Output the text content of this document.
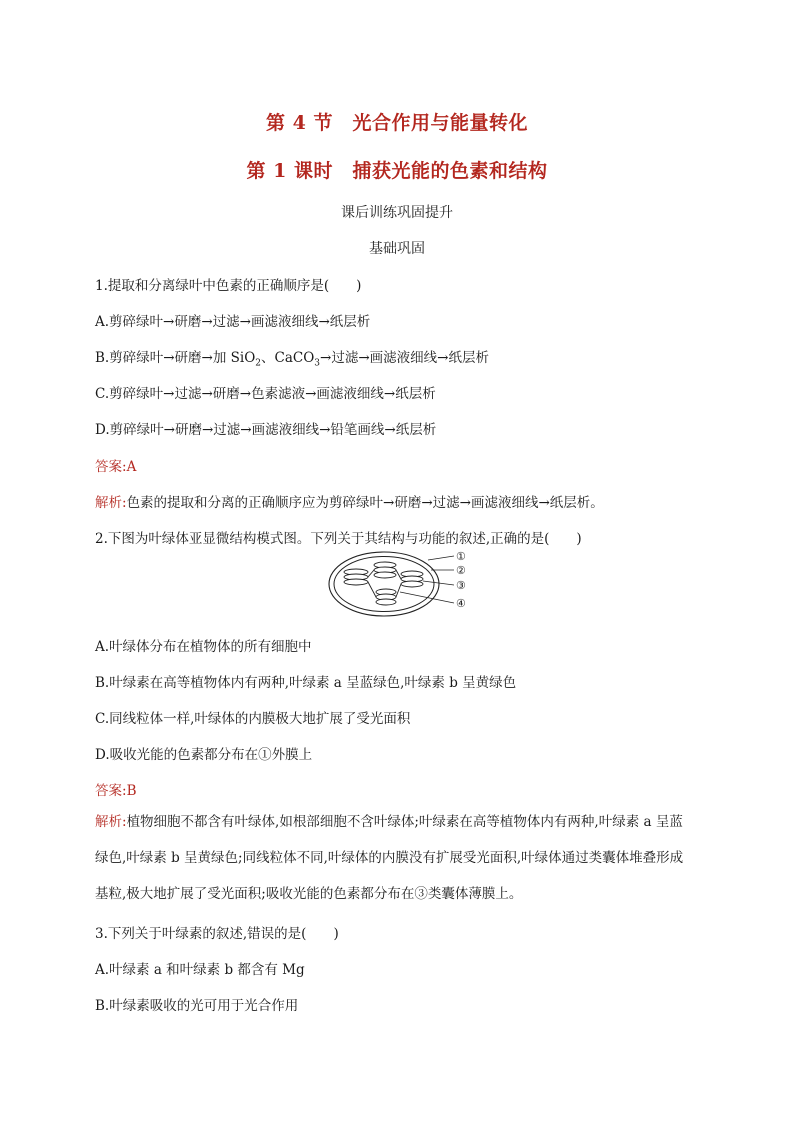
第 4 节　光合作用与能量转化
第 1 课时　捕获光能的色素和结构
课后训练巩固提升
基础巩固
1.提取和分离绿叶中色素的正确顺序是(　　)
A.剪碎绿叶→研磨→过滤→画滤液细线→纸层析
B.剪碎绿叶→研磨→加 SiO$_2$、CaCO$_3$→过滤→画滤液细线→纸层析
C.剪碎绿叶→过滤→研磨→色素滤液→画滤液细线→纸层析
D.剪碎绿叶→研磨→过滤→画滤液细线→铅笔画线→纸层析
答案:A
解析:色素的提取和分离的正确顺序应为剪碎绿叶→研磨→过滤→画滤液细线→纸层析。
2.下图为叶绿体亚显微结构模式图。下列关于其结构与功能的叙述,正确的是(　　)
①
②
③
④
A.叶绿体分布在植物体的所有细胞中
B.叶绿素在高等植物体内有两种,叶绿素 a 呈蓝绿色,叶绿素 b 呈黄绿色
C.同线粒体一样,叶绿体的内膜极大地扩展了受光面积
D.吸收光能的色素都分布在①外膜上
答案:B
解析:植物细胞不都含有叶绿体,如根部细胞不含叶绿体;叶绿素在高等植物体内有两种,叶绿素 a 呈蓝绿色,叶绿素 b 呈黄绿色;同线粒体不同,叶绿体的内膜没有扩展受光面积,叶绿体通过类囊体堆叠形成基粒,极大地扩展了受光面积;吸收光能的色素都分布在③类囊体薄膜上。
3.下列关于叶绿素的叙述,错误的是(　　)
A.叶绿素 a 和叶绿素 b 都含有 Mg
B.叶绿素吸收的光可用于光合作用
